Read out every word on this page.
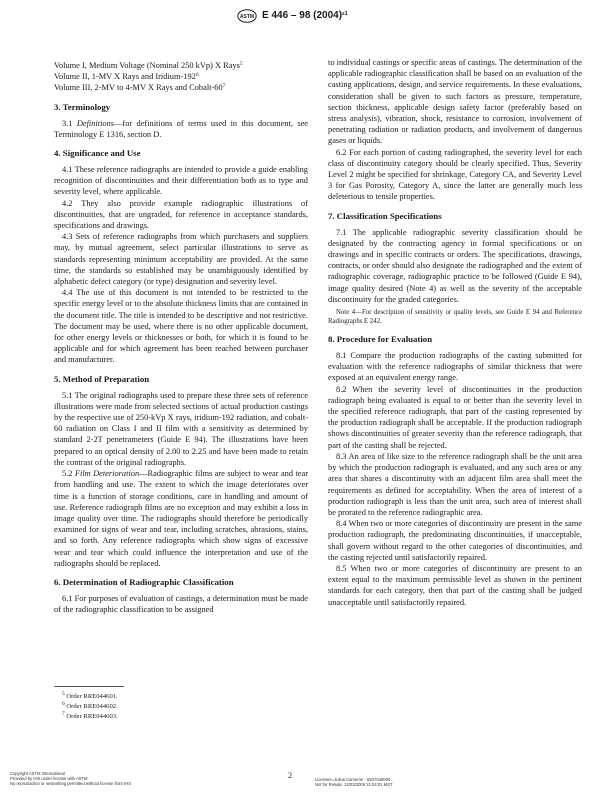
ASTM E 446 – 98 $(2004)^{\varepsilon 1}$

Volume I, Medium Voltage (Nominal 250 kVp) X Rays$^5$

Volume II, 1-MV X Rays and Iridium-$192^6$

Volume III, 2-MV to 4-MV X Rays and Cobalt-$60^7$

3. Terminology

3.1 Definitions—for definitions of terms used in this document, see Terminology E 1316, section D.

4. Significance and Use

4.1 These reference radiographs are intended to provide a guide enabling recognition of discontinuities and their differentiation both as to type and severity level, where applicable.

4.2 They also provide example radiographic illustrations of discontinuities, that are ungraded, for reference in acceptance standards, specifications and drawings.

4.3 Sets of reference radiographs from which purchasers and suppliers may, by mutual agreement, select particular illustrations to serve as standards representing minimum acceptability are provided. At the same time, the standards so established may be unambiguously identified by alphabetic defect category (or type) designation and severity level.

4.4 The use of this document is not intended to be restricted to the specific energy level or to the absolute thickness limits that are contained in the document title. The title is intended to be descriptive and not restrictive. The document may be used, where there is no other applicable document, for other energy levels or thicknesses or both, for which it is found to be applicable and for which agreement has been reached between purchaser and manufacturer.

5. Method of Preparation

5.1 The original radiographs used to prepare these three sets of reference illustrations were made from selected sections of actual production castings by the respective use of 250-kVp X rays, iridium-192 radiation, and cobalt-60 radiation on Class I and II film with a sensitivity as determined by standard 2-2T penetrameters (Guide E 94). The illustrations have been prepared to an optical density of 2.00 to 2.25 and have been made to retain the contrast of the original radiographs.

5.2 Film Deterioration—Radiographic films are subject to wear and tear from handling and use. The extent to which the image deteriorates over time is a function of storage conditions, care in handling and amount of use. Reference radiograph films are no exception and may exhibit a loss in image quality over time. The radiographs should therefore be periodically examined for signs of wear and tear, including scratches, abrasions, stains, and so forth. Any reference radiographs which show signs of excessive wear and tear which could influence the interpretation and use of the radiographs should be replaced.

6. Determination of Radiographic Classification

6.1 For purposes of evaluation of castings, a determination must be made of the radiographic classification to be assigned

to individual castings or specific areas of castings. The determination of the applicable radiographic classification shall be based on an evaluation of the casting applications, design, and service requirements. In these evaluations, consideration shall be given to such factors as pressure, temperature, section thickness, applicable design safety factor (preferably based on stress analysis), vibration, shock, resistance to corrosion, involvement of penetrating radiation or radiation products, and involvement of dangerous gases or liquids.

6.2 For each portion of casting radiographed, the severity level for each class of discontinuity category should be clearly specified. Thus, Severity Level 2 might be specified for shrinkage, Category CA, and Severity Level 3 for Gas Porosity, Category A, since the latter are generally much less deleterious to tensile properties.

7. Classification Specifications

7.1 The applicable radiographic severity classification should be designated by the contracting agency in formal specifications or on drawings and in specific contracts or orders. The specifications, drawings, contracts, or order should also designate the radiographed and the extent of radiographic coverage, radiographic practice to be followed (Guide E 94), image quality desired (Note 4) as well as the severity of the acceptable discontinuity for the graded categories.

Note 4—For description of sensitivity or quality levels, see Guide E 94 and Reference Radiographs E 242.

8. Procedure for Evaluation

8.1 Compare the production radiographs of the casting submitted for evaluation with the reference radiographs of similar thickness that were exposed at an equivalent energy range.

8.2 When the severity level of discontinuities in the production radiograph being evaluated is equal to or better than the severity level in the specified reference radiograph, that part of the casting represented by the production radiograph shall be acceptable. If the production radiograph shows discontinuities of greater severity than the reference radiograph, that part of the casting shall be rejected.

8.3 An area of like size to the reference radiograph shall be the unit area by which the production radiograph is evaluated, and any such area or any area that shares a discontinuity with an adjacent film area shall meet the requirements as defined for acceptability. When the area of interest of a production radiograph is less than the unit area, such area of interest shall be prorated to the reference radiographic area.

8.4 When two or more categories of discontinuity are present in the same production radiograph, the predominating discontinuities, if unacceptable, shall govern without regard to the other categories of discontinuities, and the casting rejected until satisfactorily repaired.

8.5 When two or more categories of discontinuity are present to an extent equal to the maximum permissible level as shown in the pertinent standards for each category, then that part of the casting shall be judged unacceptable until satisfactorily repaired.

$^5$ Order RRE044601.
$^6$ Order RRE044602.
$^7$ Order RRE044603.
2
Copyright ASTM International
Provided by IHS under license with ASTM
No reproduction or networking permitted without license from IHS
Licensee=Julius Cameron - 5937049000
Not for Resale, 12/03/2006 21:04:01 MST
